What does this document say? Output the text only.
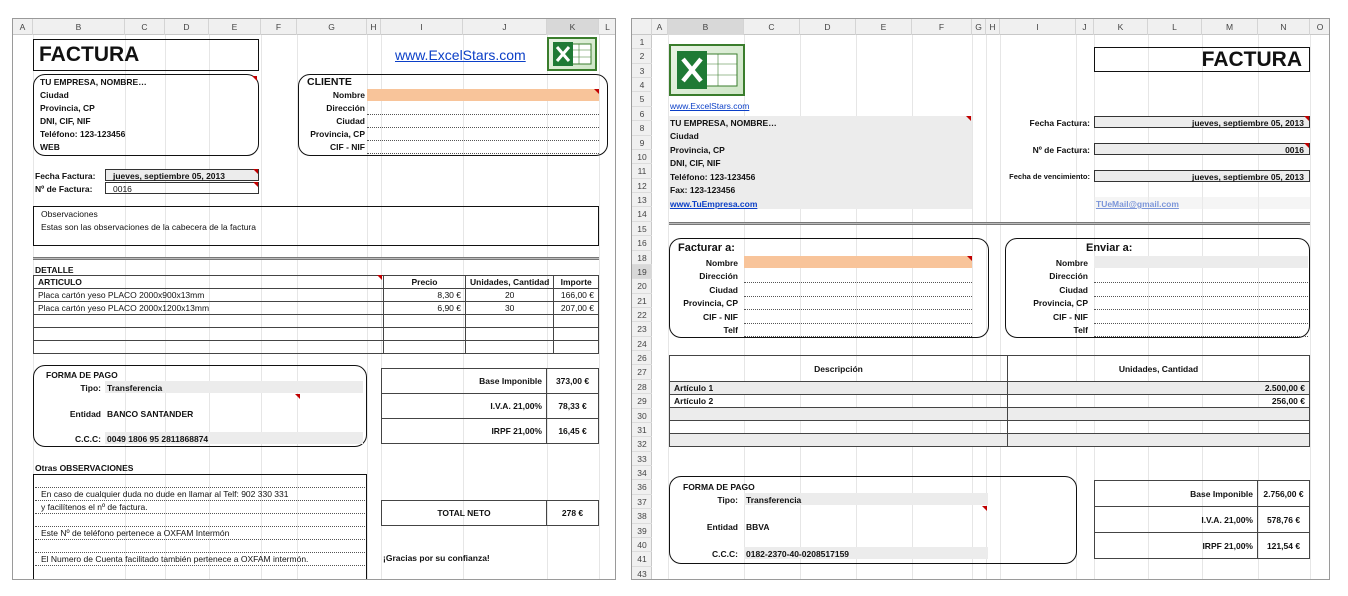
A	B	C	D	E	F	G	H	I	J	K	L
FACTURA	www.ExcelStars.com
TU EMPRESA, NOMBRE…
Ciudad
Provincia, CP
DNI, CIF, NIF
Teléfono: 123-123456
WEB
CLIENTE
Nombre
Dirección
Ciudad
Provincia, CP
CIF - NIF
Fecha Factura: jueves, septiembre 05, 2013
Nº de Factura: 0016
Observaciones
Estas son las observaciones de la cabecera de la factura
DETALLE
ARTICULO	Precio	Unidades, Cantidad	Importe
Placa cartón yeso PLACO 2000x900x13mm	8,30 €	20	166,00 €
Placa cartón yeso PLACO 2000x1200x13mm	6,90 €	30	207,00 €

FORMA DE PAGO
Tipo: Transferencia
Entidad BANCO SANTANDER
C.C.C: 0049 1806 95 2811868874
Base Imponible	373,00 €
I.V.A. 21,00%	78,33 €
IRPF 21,00%	16,45 €
Otras OBSERVACIONES
En caso de cualquier duda no dude en llamar al Telf: 902 330 331
y facilítenos el nº de factura.
Este Nº de teléfono pertenece a OXFAM Intermón
El Numero de Cuenta facilitado también pertenece a OXFAM intermón.
TOTAL NETO	278 €
¡Gracias por su confianza!
A	B	C	D	E	F	G H	I	J	K	L	M	N	O
1
2
3
4
5
6
8
9
10
11
12
13
14
15
16
18
19
20
21
22
23
24
26
27
28
29
30
31
32
33
34
36
37
38
39
40
41
43
www.ExcelStars.com
FACTURA
TU EMPRESA, NOMBRE…
Ciudad
Provincia, CP
DNI, CIF, NIF
Teléfono: 123-123456
Fax: 123-123456
www.TuEmpresa.com
Fecha Factura:	jueves, septiembre 05, 2013
Nº de Factura:	0016
Fecha de vencimiento:	jueves, septiembre 05, 2013
Facturar a:
Nombre
Dirección
Ciudad
Provincia, CP
CIF - NIF
Telf
Enviar a:
Nombre
Dirección
Ciudad
Provincia, CP
CIF - NIF
Telf
Descripción	Unidades, Cantidad
Artículo 1	2.500,00 €
Artículo 2	256,00 €

FORMA DE PAGO
Tipo: Transferencia
Entidad BBVA
C.C.C: 0182-2370-40-0208517159
Base Imponible	2.756,00 €
I.V.A. 21,00%	578,76 €
IRPF 21,00%	121,54 €
